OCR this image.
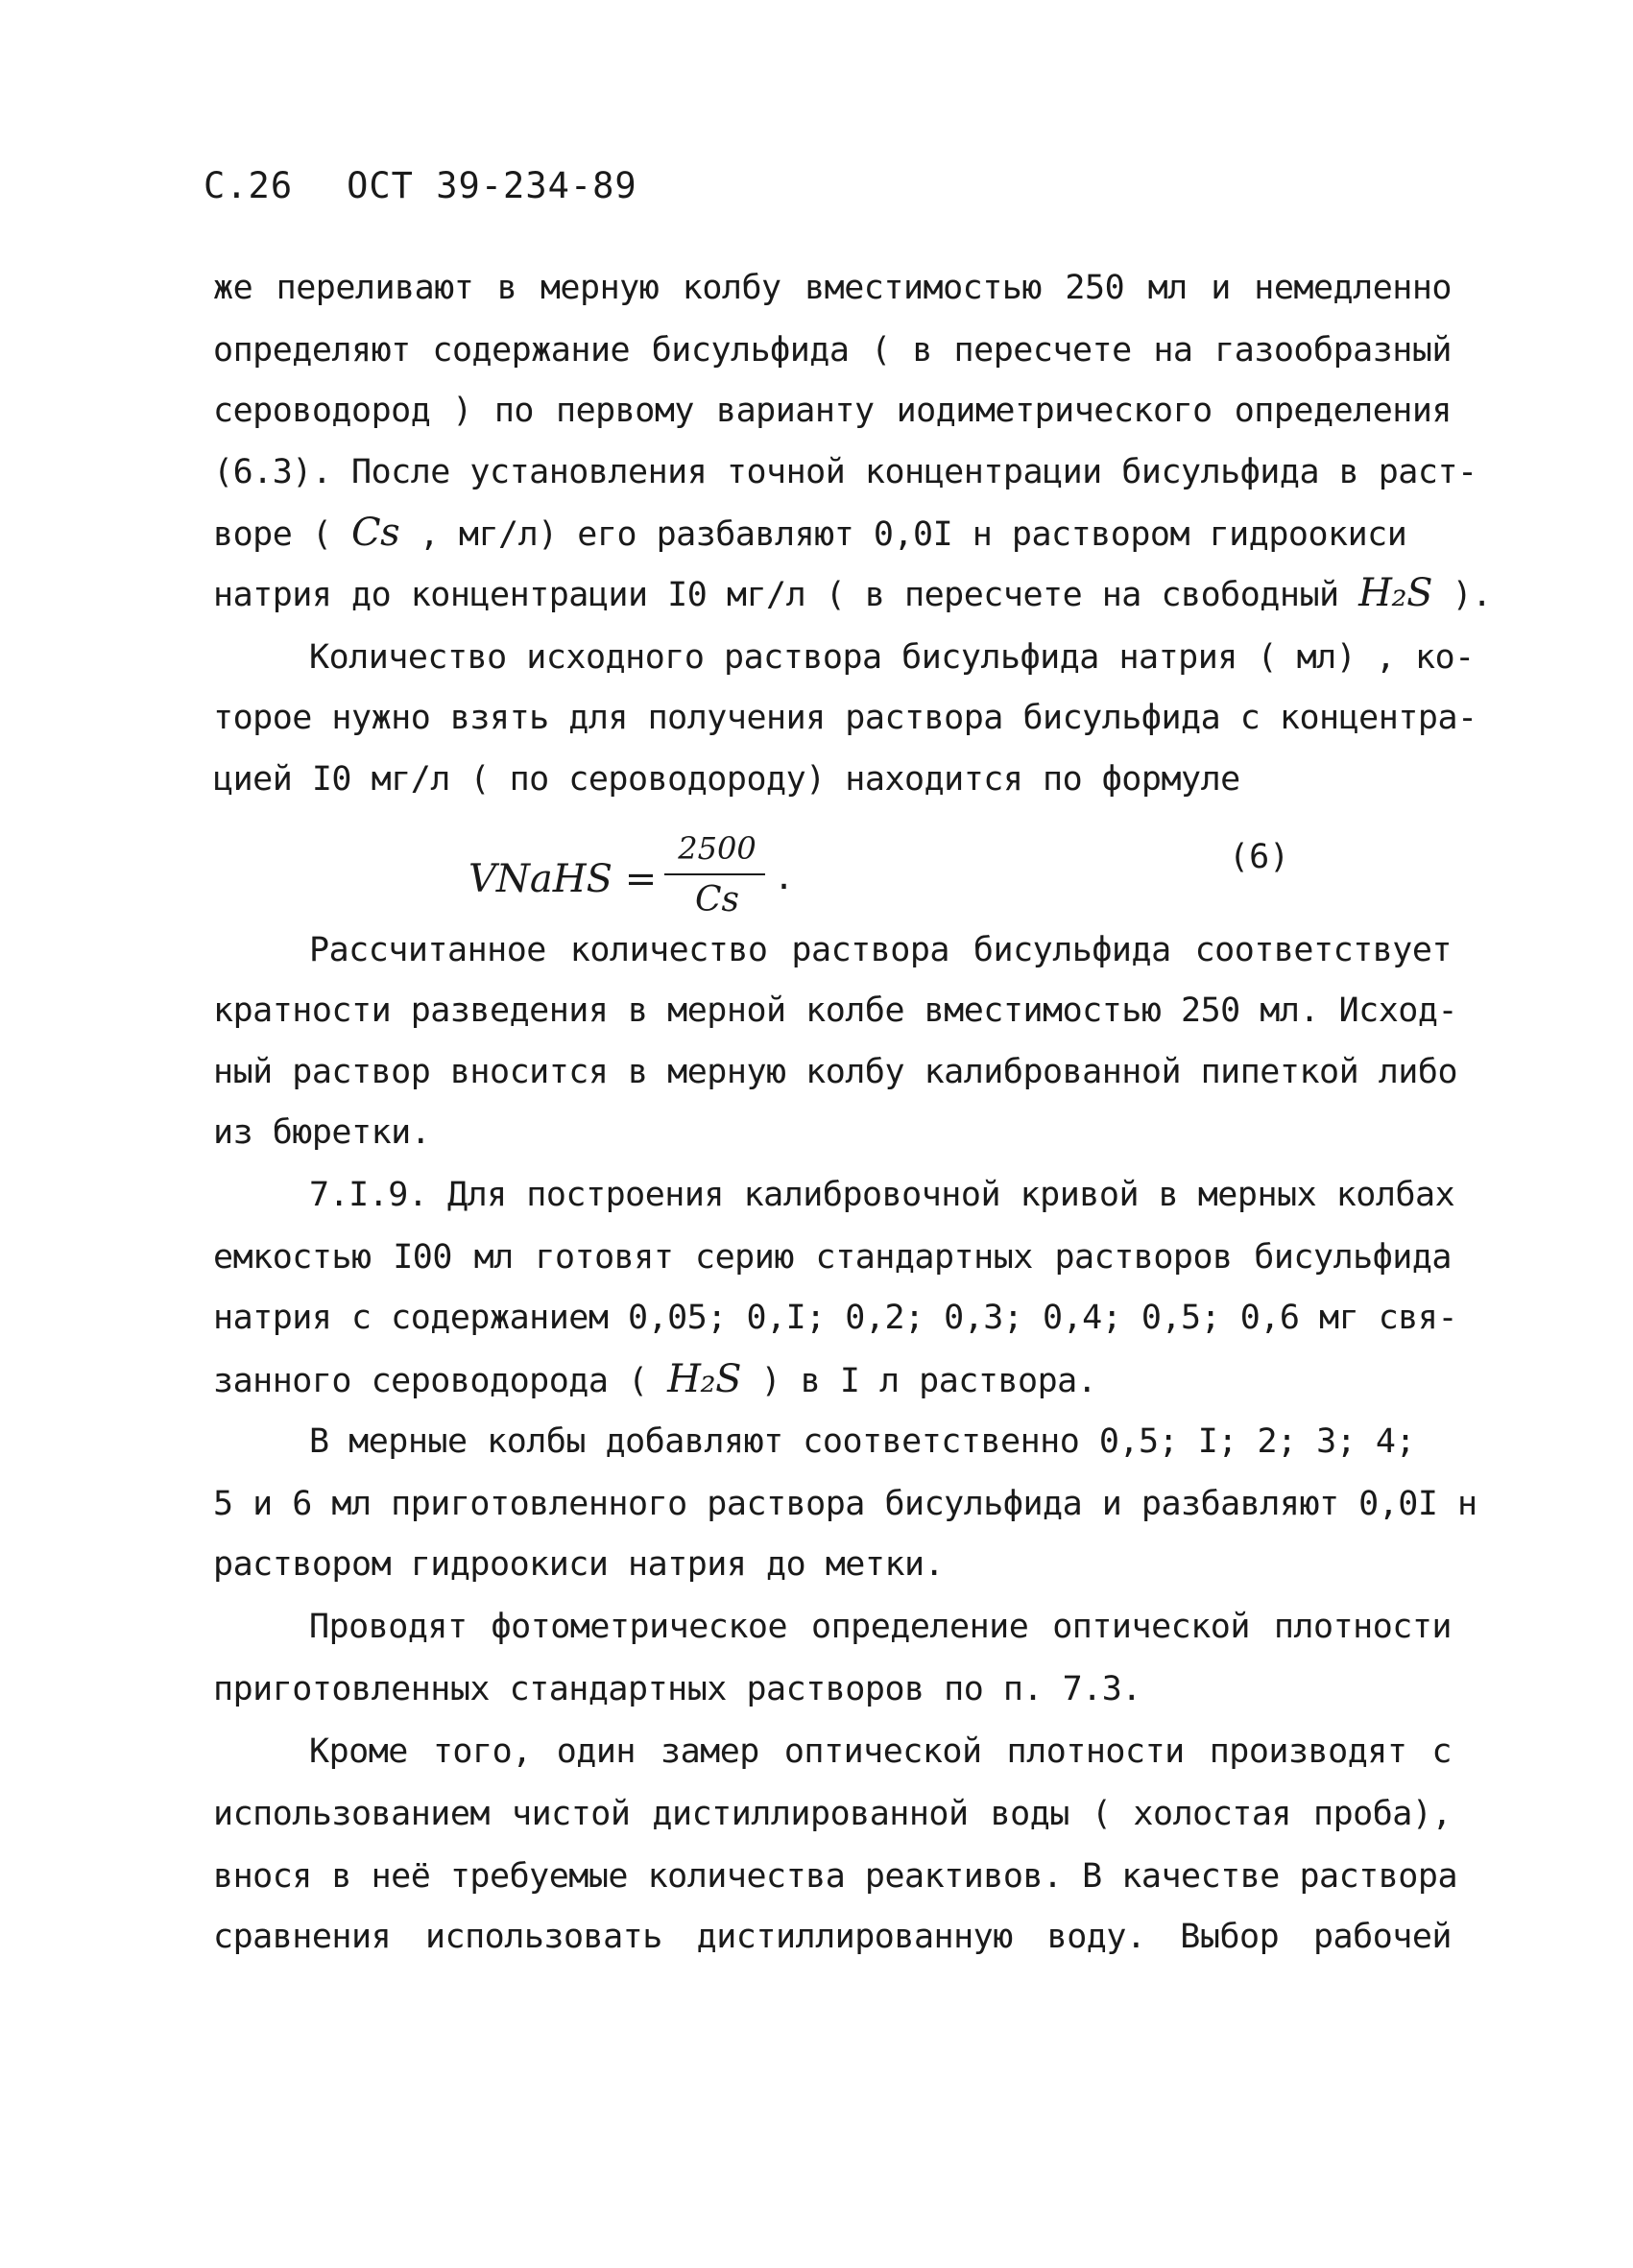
С.26 ОСТ 39-234-89
же переливают в мерную колбу вместимостью 250 мл и немедленно
определяют содержание бисульфида ( в пересчете на газообразный
сероводород ) по первому варианту иодиметрического определения
(6.3). После установления точной концентрации бисульфида в раст-
воре ( Cs , мг/л) его разбавляют 0,0I н раствором гидроокиси
натрия до концентрации I0 мг/л ( в пересчете на свободный H₂S ).
Количество исходного раствора бисульфида натрия ( мл) , ко-
торое нужно взять для получения раствора бисульфида с концентра-
цией I0 мг/л ( по сероводороду) находится по формуле
VNaHS =
2500
Cs
.
(6)
Рассчитанное количество раствора бисульфида соответствует
кратности разведения в мерной колбе вместимостью 250 мл. Исход-
ный раствор вносится в мерную колбу калиброванной пипеткой либо
из бюретки.
7.I.9. Для построения калибровочной кривой в мерных колбах
емкостью I00 мл готовят серию стандартных растворов бисульфида
натрия с содержанием 0,05; 0,I; 0,2; 0,3; 0,4; 0,5; 0,6 мг свя-
занного сероводорода ( H₂S ) в I л раствора.
В мерные колбы добавляют соответственно 0,5; I; 2; 3; 4;
5 и 6 мл приготовленного раствора бисульфида и разбавляют 0,0I н
раствором гидроокиси натрия до метки.
Проводят фотометрическое определение оптической плотности
приготовленных стандартных растворов по п. 7.3.
Кроме того, один замер оптической плотности производят с
использованием чистой дистиллированной воды ( холостая проба),
внося в неё требуемые количества реактивов. В качестве раствора
сравнения использовать дистиллированную воду. Выбор рабочей
